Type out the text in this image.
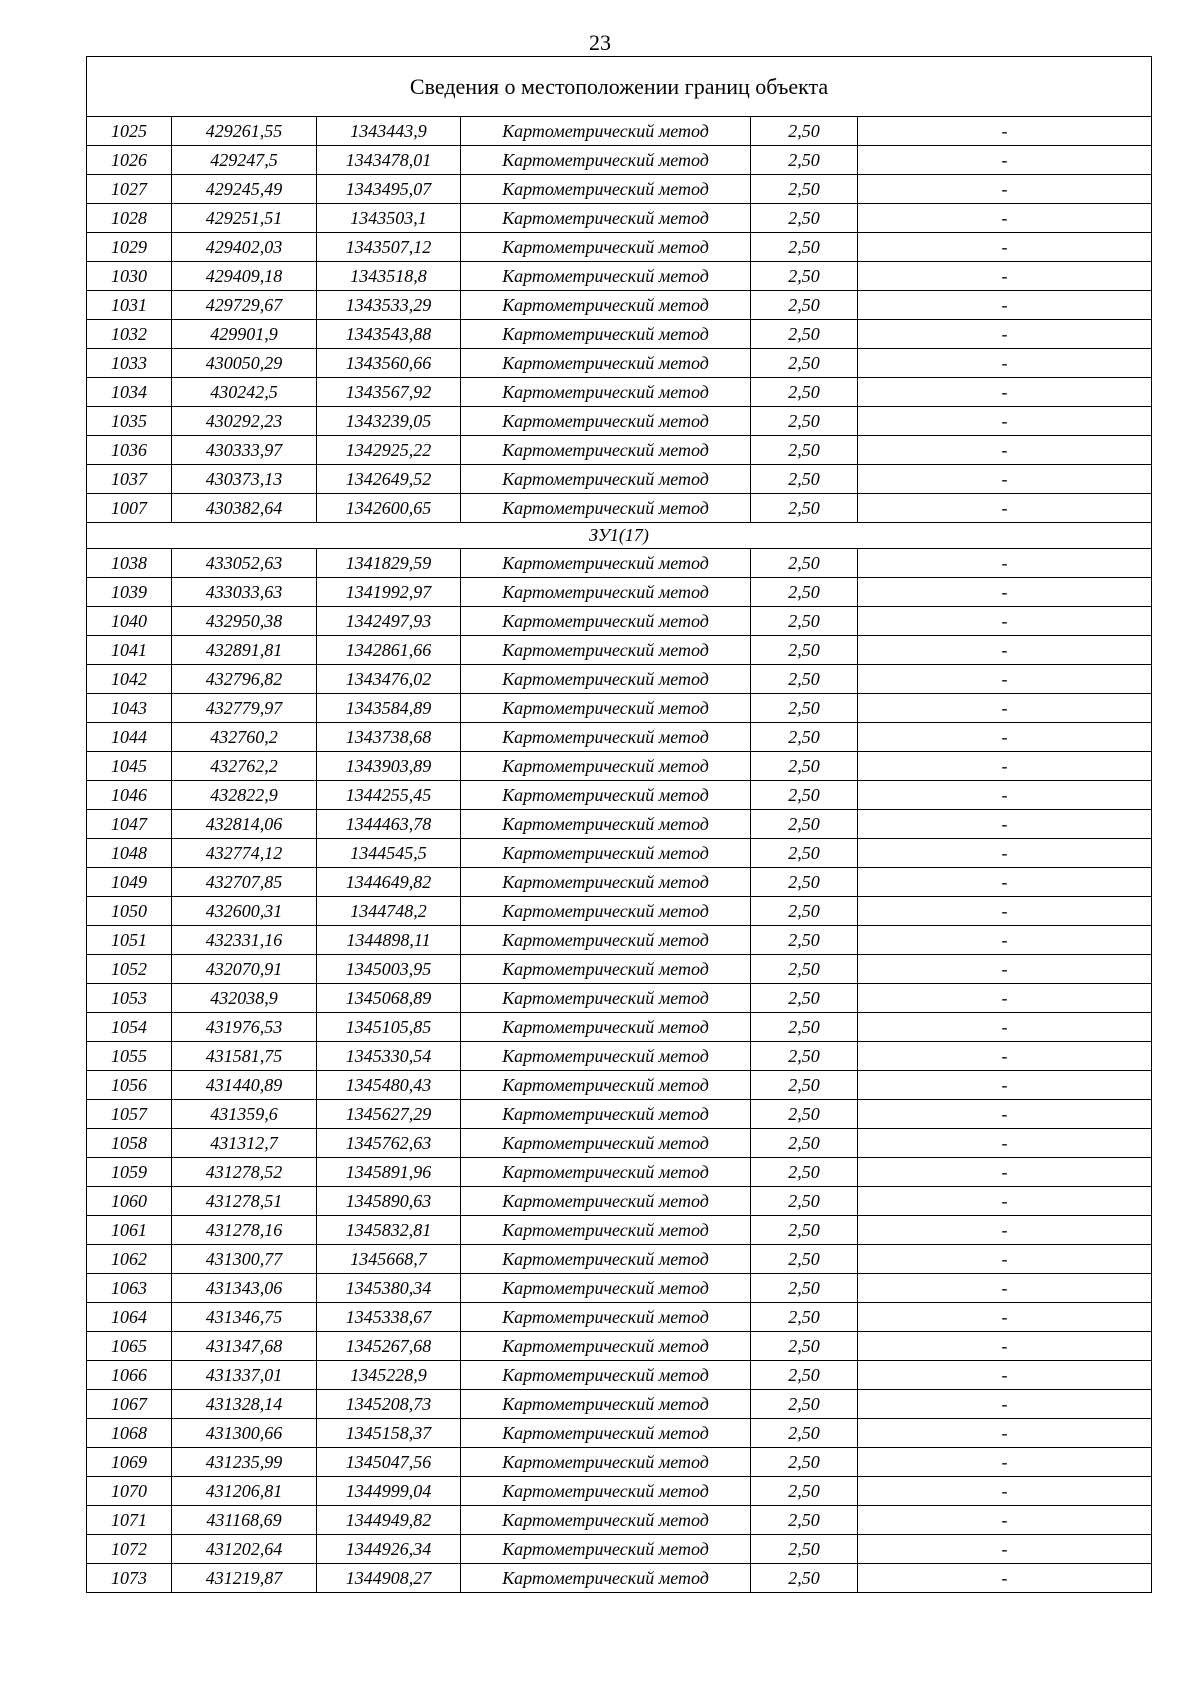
23
Сведения о местоположении границ объекта					
1025	429261,55	1343443,9	Картометрический метод	2,50	-
1026	429247,5	1343478,01	Картометрический метод	2,50	-
1027	429245,49	1343495,07	Картометрический метод	2,50	-
1028	429251,51	1343503,1	Картометрический метод	2,50	-
1029	429402,03	1343507,12	Картометрический метод	2,50	-
1030	429409,18	1343518,8	Картометрический метод	2,50	-
1031	429729,67	1343533,29	Картометрический метод	2,50	-
1032	429901,9	1343543,88	Картометрический метод	2,50	-
1033	430050,29	1343560,66	Картометрический метод	2,50	-
1034	430242,5	1343567,92	Картометрический метод	2,50	-
1035	430292,23	1343239,05	Картометрический метод	2,50	-
1036	430333,97	1342925,22	Картометрический метод	2,50	-
1037	430373,13	1342649,52	Картометрический метод	2,50	-
1007	430382,64	1342600,65	Картометрический метод	2,50	-
ЗУ1(17)					
1038	433052,63	1341829,59	Картометрический метод	2,50	-
1039	433033,63	1341992,97	Картометрический метод	2,50	-
1040	432950,38	1342497,93	Картометрический метод	2,50	-
1041	432891,81	1342861,66	Картометрический метод	2,50	-
1042	432796,82	1343476,02	Картометрический метод	2,50	-
1043	432779,97	1343584,89	Картометрический метод	2,50	-
1044	432760,2	1343738,68	Картометрический метод	2,50	-
1045	432762,2	1343903,89	Картометрический метод	2,50	-
1046	432822,9	1344255,45	Картометрический метод	2,50	-
1047	432814,06	1344463,78	Картометрический метод	2,50	-
1048	432774,12	1344545,5	Картометрический метод	2,50	-
1049	432707,85	1344649,82	Картометрический метод	2,50	-
1050	432600,31	1344748,2	Картометрический метод	2,50	-
1051	432331,16	1344898,11	Картометрический метод	2,50	-
1052	432070,91	1345003,95	Картометрический метод	2,50	-
1053	432038,9	1345068,89	Картометрический метод	2,50	-
1054	431976,53	1345105,85	Картометрический метод	2,50	-
1055	431581,75	1345330,54	Картометрический метод	2,50	-
1056	431440,89	1345480,43	Картометрический метод	2,50	-
1057	431359,6	1345627,29	Картометрический метод	2,50	-
1058	431312,7	1345762,63	Картометрический метод	2,50	-
1059	431278,52	1345891,96	Картометрический метод	2,50	-
1060	431278,51	1345890,63	Картометрический метод	2,50	-
1061	431278,16	1345832,81	Картометрический метод	2,50	-
1062	431300,77	1345668,7	Картометрический метод	2,50	-
1063	431343,06	1345380,34	Картометрический метод	2,50	-
1064	431346,75	1345338,67	Картометрический метод	2,50	-
1065	431347,68	1345267,68	Картометрический метод	2,50	-
1066	431337,01	1345228,9	Картометрический метод	2,50	-
1067	431328,14	1345208,73	Картометрический метод	2,50	-
1068	431300,66	1345158,37	Картометрический метод	2,50	-
1069	431235,99	1345047,56	Картометрический метод	2,50	-
1070	431206,81	1344999,04	Картометрический метод	2,50	-
1071	431168,69	1344949,82	Картометрический метод	2,50	-
1072	431202,64	1344926,34	Картометрический метод	2,50	-
1073	431219,87	1344908,27	Картометрический метод	2,50	-
